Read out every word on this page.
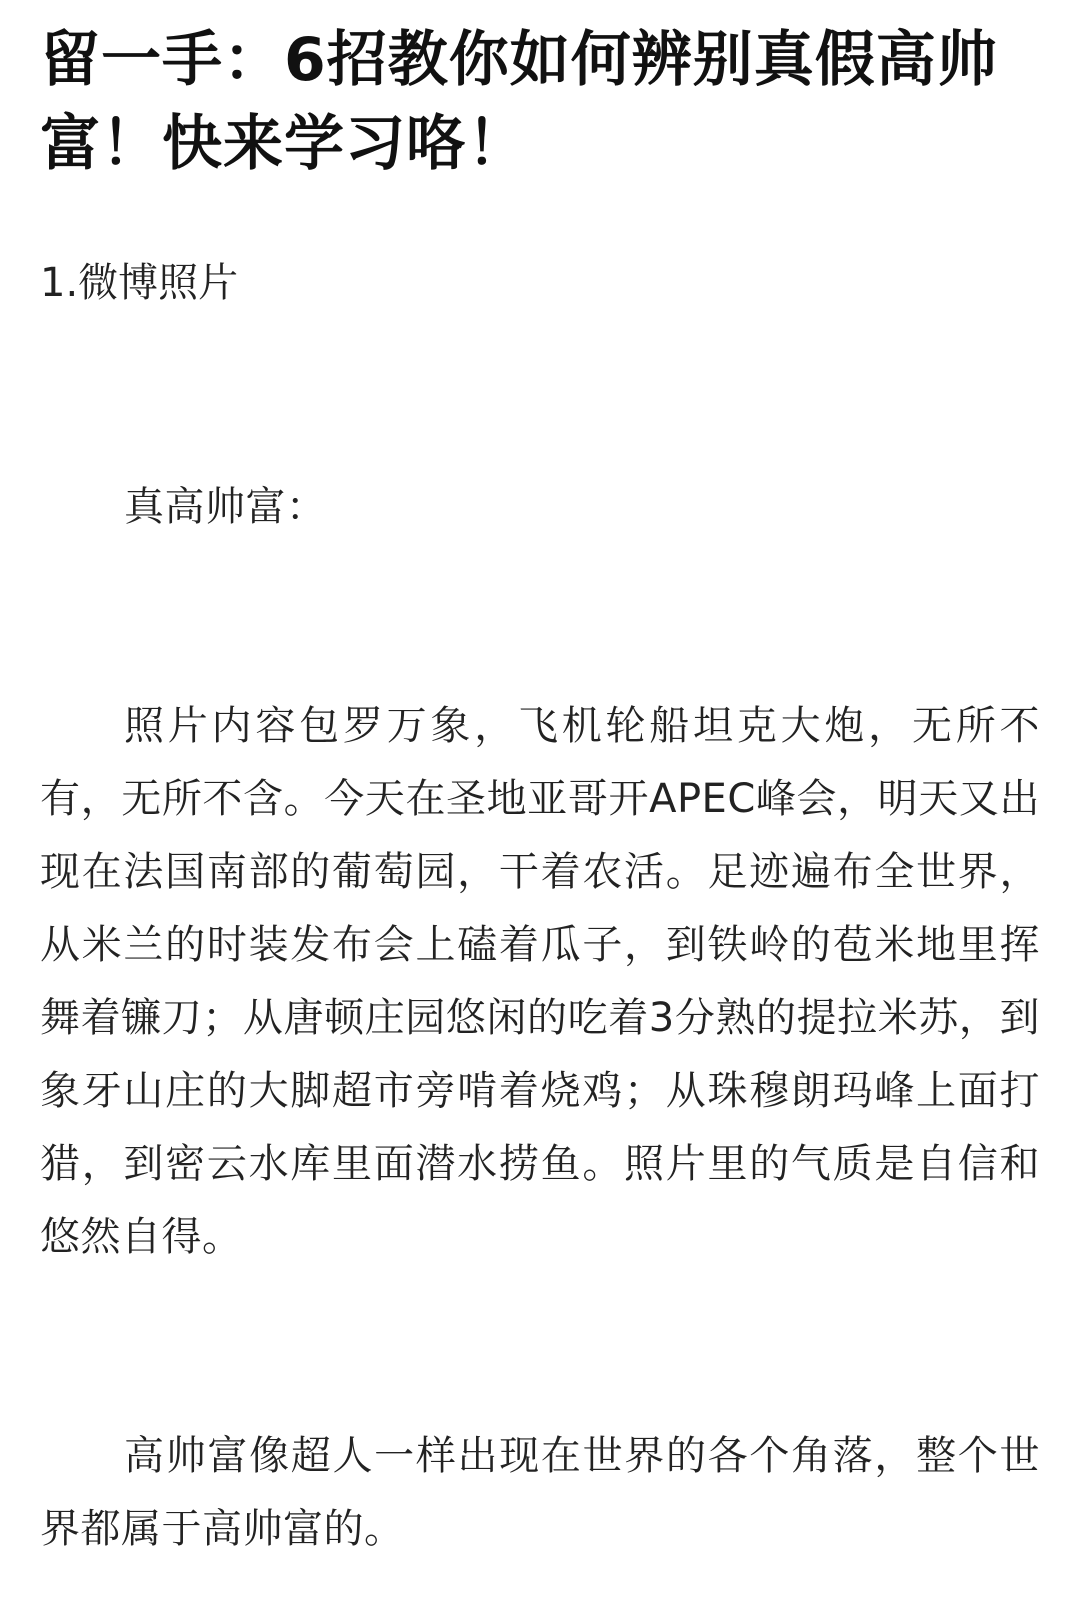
留一手：6招教你如何辨别真假高帅富！快来学习咯！
1.微博照片

真高帅富：

照片内容包罗万象，飞机轮船坦克大炮，无所不有，无所不含。今天在圣地亚哥开APEC峰会，明天又出现在法国南部的葡萄园，干着农活。足迹遍布全世界，从米兰的时装发布会上磕着瓜子，到铁岭的苞米地里挥舞着镰刀；从唐顿庄园悠闲的吃着3分熟的提拉米苏，到象牙山庄的大脚超市旁啃着烧鸡；从珠穆朗玛峰上面打猎，到密云水库里面潜水捞鱼。照片里的气质是自信和悠然自得。

高帅富像超人一样出现在世界的各个角落，整个世界都属于高帅富的。
